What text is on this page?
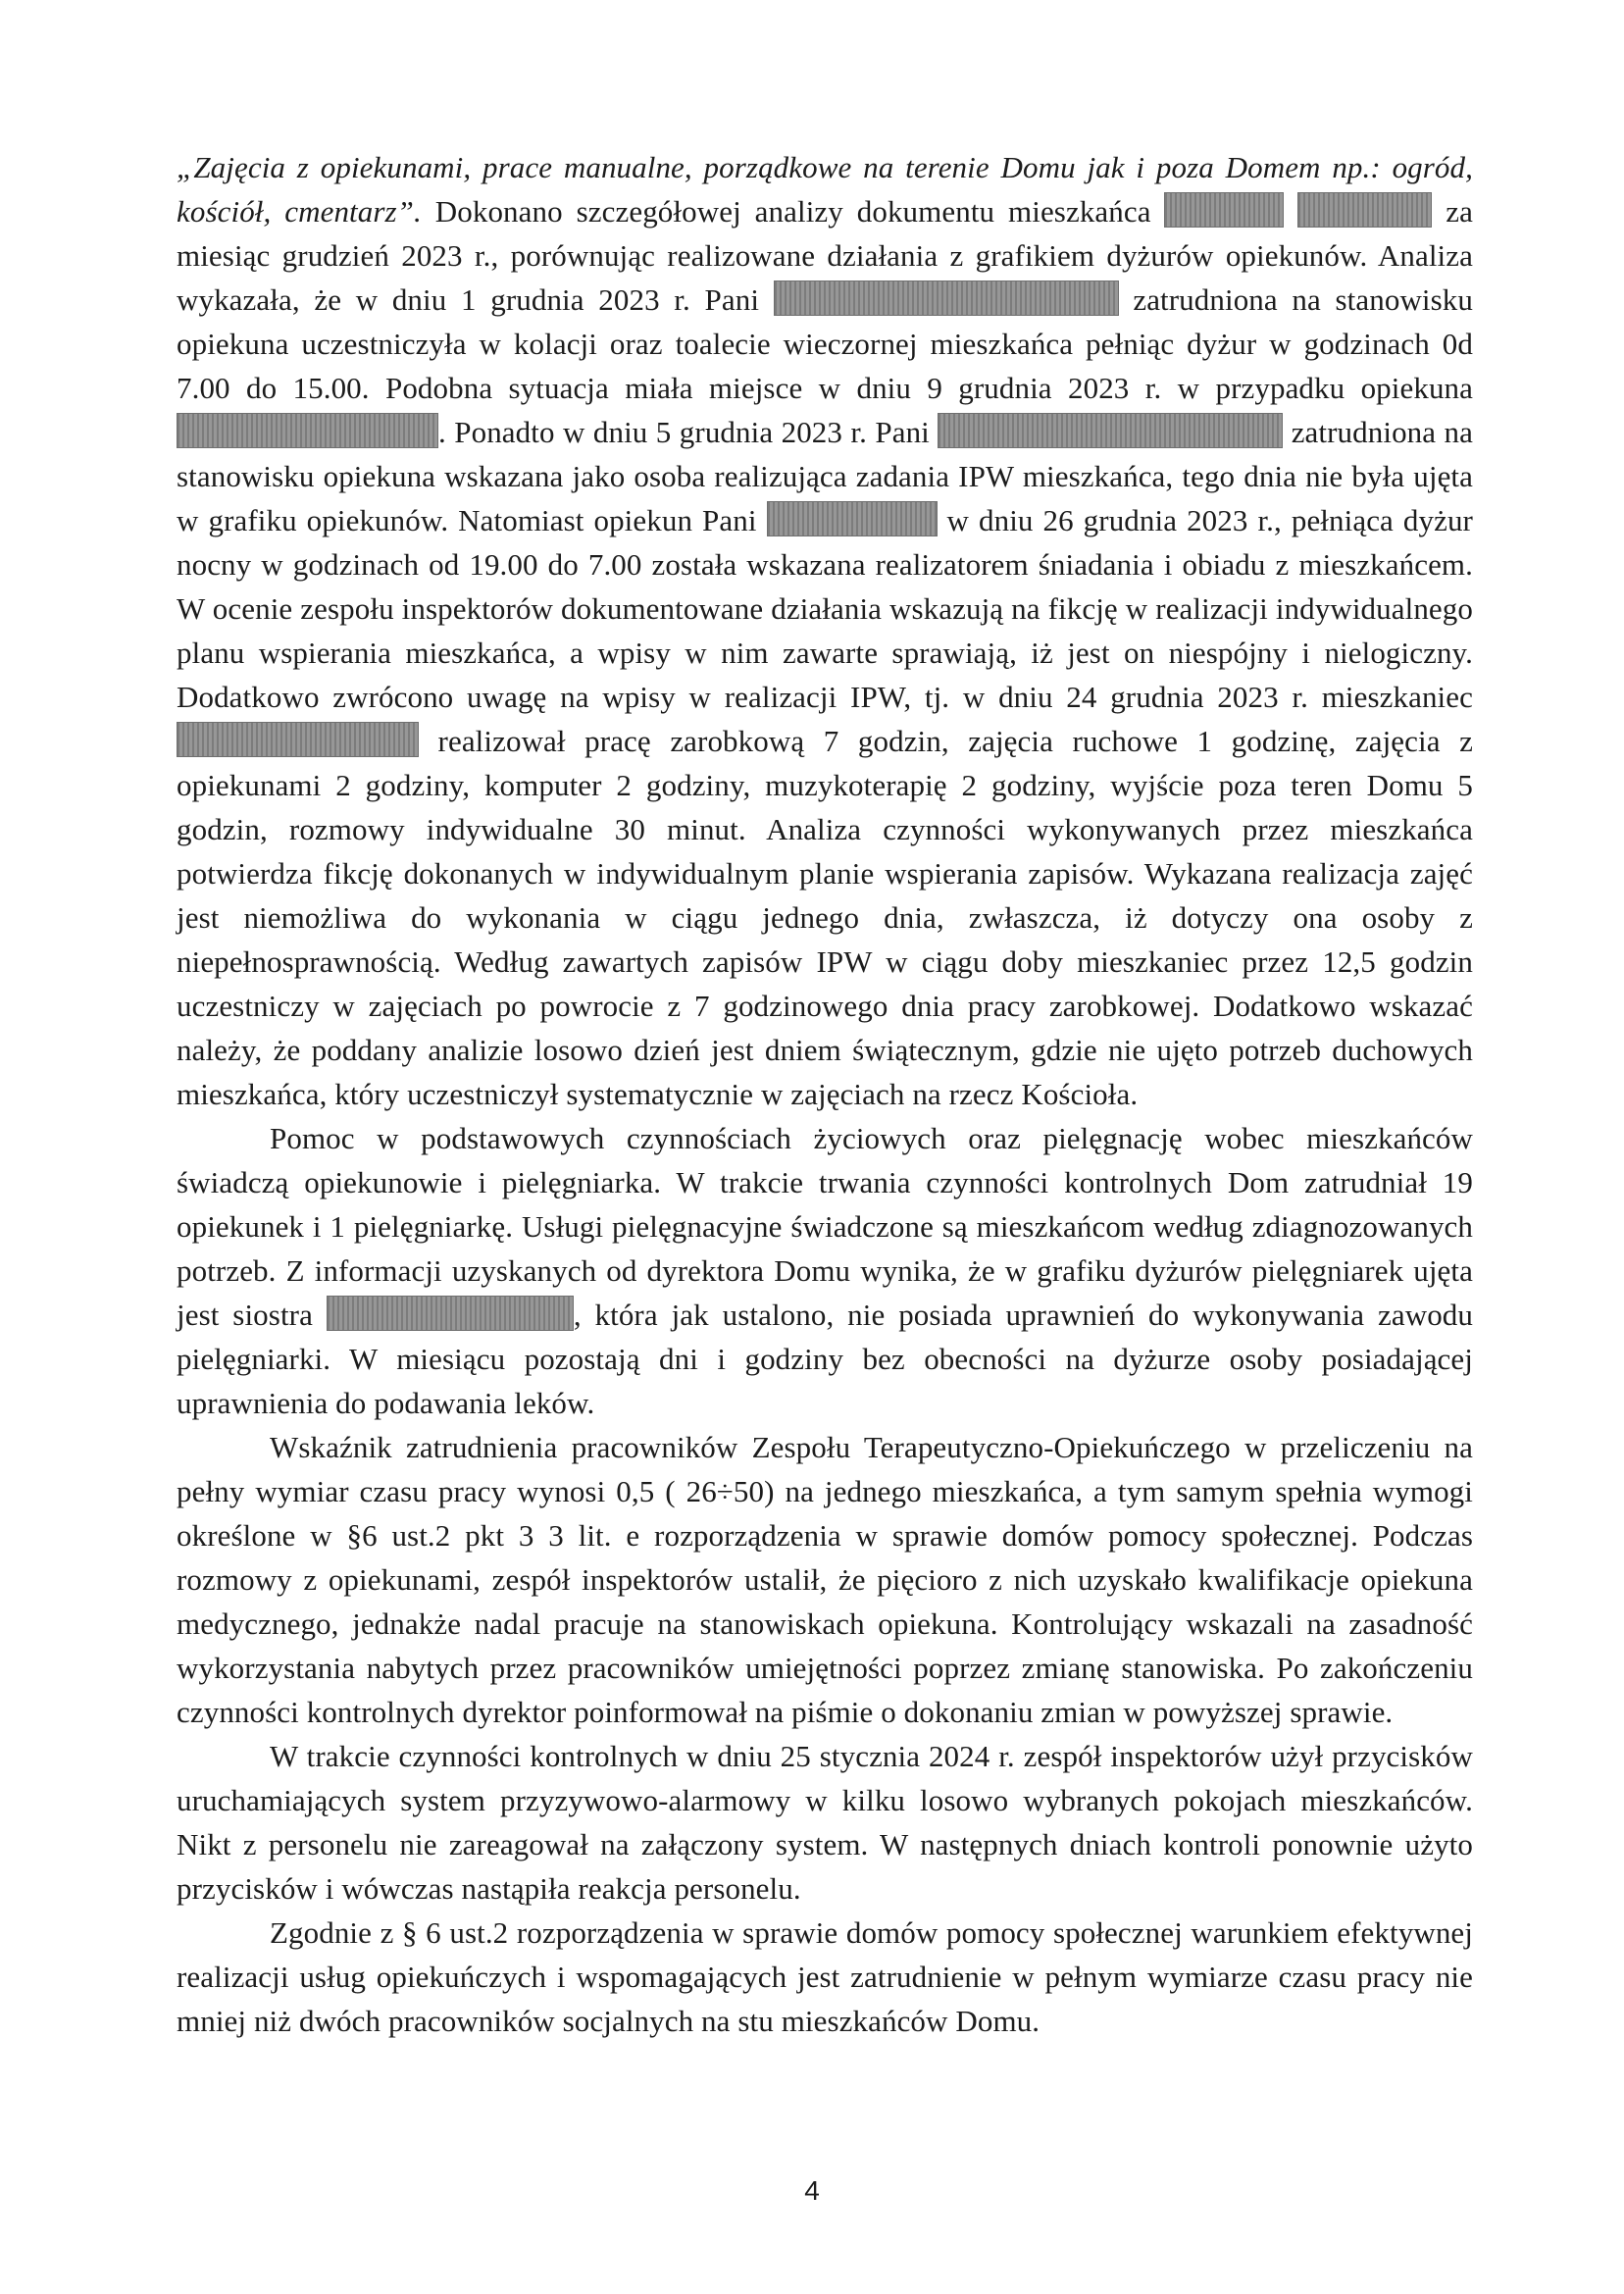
„Zajęcia z opiekunami, prace manualne, porządkowe na terenie Domu jak i poza Domem np.: ogród, kościół, cmentarz”. Dokonano szczegółowej analizy dokumentu mieszkańca	za miesiąc grudzień 2023 r., porównując realizowane działania z grafikiem dyżurów opiekunów. Analiza wykazała, że w dniu 1 grudnia 2023 r. Pani	zatrudniona na stanowisku opiekuna uczestniczyła w kolacji oraz toalecie wieczornej mieszkańca pełniąc dyżur w godzinach 0d 7.00 do 15.00. Podobna sytuacja miała miejsce w dniu 9 grudnia 2023 r. w przypadku opiekuna . Ponadto w dniu 5 grudnia 2023 r. Pani	zatrudniona na stanowisku opiekuna wskazana jako osoba realizująca zadania IPW mieszkańca, tego dnia nie była ujęta w grafiku opiekunów. Natomiast opiekun Pani	w dniu 26 grudnia 2023 r., pełniąca dyżur nocny w godzinach od 19.00 do 7.00 została wskazana realizatorem śniadania i obiadu z mieszkańcem. W ocenie zespołu inspektorów dokumentowane działania wskazują na fikcję w realizacji indywidualnego planu wspierania mieszkańca, a wpisy w nim zawarte sprawiają, iż jest on niespójny i nielogiczny. Dodatkowo zwrócono uwagę na wpisy w realizacji IPW, tj. w dniu 24 grudnia 2023 r. mieszkaniec  realizował pracę zarobkową 7 godzin, zajęcia ruchowe 1 godzinę, zajęcia z opiekunami 2 godziny, komputer 2 godziny, muzykoterapię 2 godziny, wyjście poza teren Domu 5 godzin, rozmowy indywidualne 30 minut. Analiza czynności wykonywanych przez mieszkańca potwierdza fikcję dokonanych w indywidualnym planie wspierania zapisów. Wykazana realizacja zajęć jest niemożliwa do wykonania w ciągu jednego dnia, zwłaszcza, iż dotyczy ona osoby z niepełnosprawnością. Według zawartych zapisów IPW w ciągu doby mieszkaniec przez 12,5 godzin uczestniczy w zajęciach po powrocie z 7 godzinowego dnia pracy zarobkowej. Dodatkowo wskazać należy, że poddany analizie losowo dzień jest dniem świątecznym, gdzie nie ujęto potrzeb duchowych mieszkańca, który uczestniczył systematycznie w zajęciach na rzecz Kościoła.

Pomoc w podstawowych czynnościach życiowych oraz pielęgnację wobec mieszkańców świadczą opiekunowie i pielęgniarka. W trakcie trwania czynności kontrolnych Dom zatrudniał 19 opiekunek i 1 pielęgniarkę. Usługi pielęgnacyjne świadczone są mieszkańcom według zdiagnozowanych potrzeb. Z informacji uzyskanych od dyrektora Domu wynika, że w grafiku dyżurów pielęgniarek ujęta jest siostra	, która jak ustalono, nie posiada uprawnień do wykonywania zawodu pielęgniarki. W miesiącu pozostają dni i godziny bez obecności na dyżurze osoby posiadającej uprawnienia do podawania leków.

Wskaźnik zatrudnienia pracowników Zespołu Terapeutyczno-Opiekuńczego w przeliczeniu na pełny wymiar czasu pracy wynosi 0,5 ( 26÷50) na jednego mieszkańca, a tym samym spełnia wymogi określone w §6 ust.2 pkt 3 3 lit. e rozporządzenia w sprawie domów pomocy społecznej. Podczas rozmowy z opiekunami, zespół inspektorów ustalił, że pięcioro z nich uzyskało kwalifikacje opiekuna medycznego, jednakże nadal pracuje na stanowiskach opiekuna. Kontrolujący wskazali na zasadność wykorzystania nabytych przez pracowników umiejętności poprzez zmianę stanowiska. Po zakończeniu czynności kontrolnych dyrektor poinformował na piśmie o dokonaniu zmian w powyższej sprawie.

W trakcie czynności kontrolnych w dniu 25 stycznia 2024 r. zespół inspektorów użył przycisków uruchamiających system przyzywowo-alarmowy w kilku losowo wybranych pokojach mieszkańców. Nikt z personelu nie zareagował na załączony system. W następnych dniach kontroli ponownie użyto przycisków i wówczas nastąpiła reakcja personelu.

Zgodnie z § 6 ust.2 rozporządzenia w sprawie domów pomocy społecznej warunkiem efektywnej realizacji usług opiekuńczych i wspomagających jest zatrudnienie w pełnym wymiarze czasu pracy nie mniej niż dwóch pracowników socjalnych na stu mieszkańców Domu.

4
